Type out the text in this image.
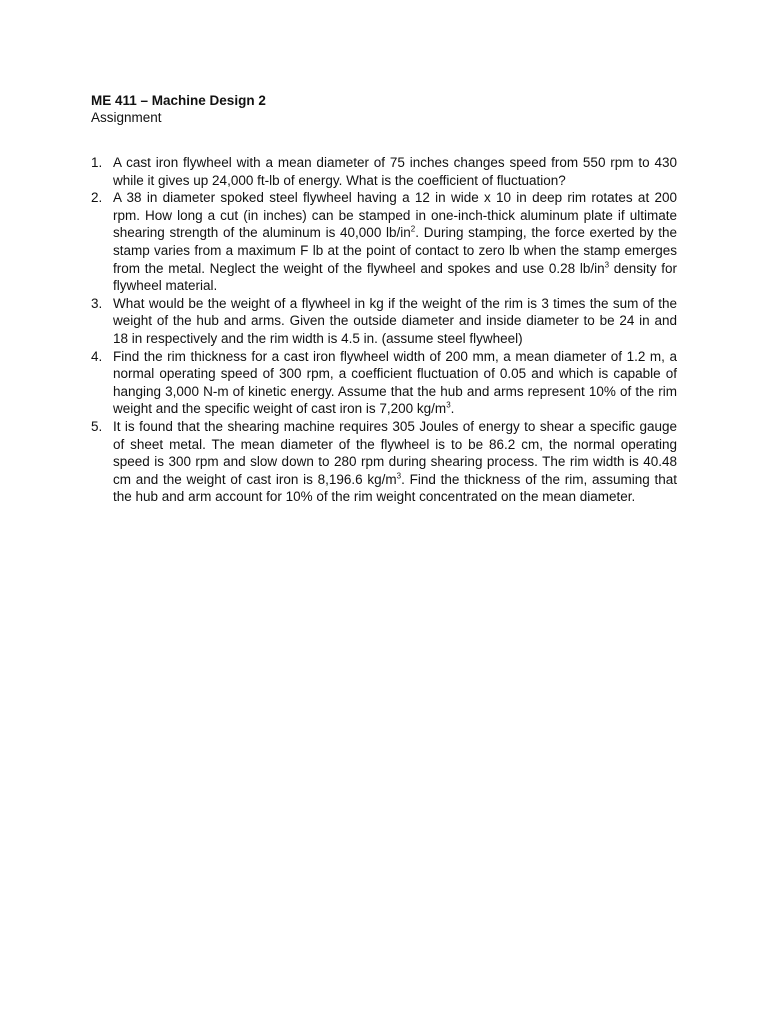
ME 411 – Machine Design 2

Assignment

1. A cast iron flywheel with a mean diameter of 75 inches changes speed from 550 rpm to 430 while it gives up 24,000 ft-lb of energy. What is the coefficient of fluctuation?
2. A 38 in diameter spoked steel flywheel having a 12 in wide x 10 in deep rim rotates at 200 rpm. How long a cut (in inches) can be stamped in one-inch-thick aluminum plate if ultimate shearing strength of the aluminum is 40,000 $lb/in^2$. During stamping, the force exerted by the stamp varies from a maximum F lb at the point of contact to zero lb when the stamp emerges from the metal. Neglect the weight of the flywheel and spokes and use 0.28 $lb/in^3$ density for flywheel material.
3. What would be the weight of a flywheel in kg if the weight of the rim is 3 times the sum of the weight of the hub and arms. Given the outside diameter and inside diameter to be 24 in and 18 in respectively and the rim width is 4.5 in. (assume steel flywheel)
4. Find the rim thickness for a cast iron flywheel width of 200 mm, a mean diameter of 1.2 m, a normal operating speed of 300 rpm, a coefficient fluctuation of 0.05 and which is capable of hanging 3,000 N-m of kinetic energy. Assume that the hub and arms represent 10% of the rim weight and the specific weight of cast iron is 7,200 $kg/m^3$.
5. It is found that the shearing machine requires 305 Joules of energy to shear a specific gauge of sheet metal. The mean diameter of the flywheel is to be 86.2 cm, the normal operating speed is 300 rpm and slow down to 280 rpm during shearing process. The rim width is 40.48 cm and the weight of cast iron is 8,196.6 $kg/m^3$. Find the thickness of the rim, assuming that the hub and arm account for 10% of the rim weight concentrated on the mean diameter.
